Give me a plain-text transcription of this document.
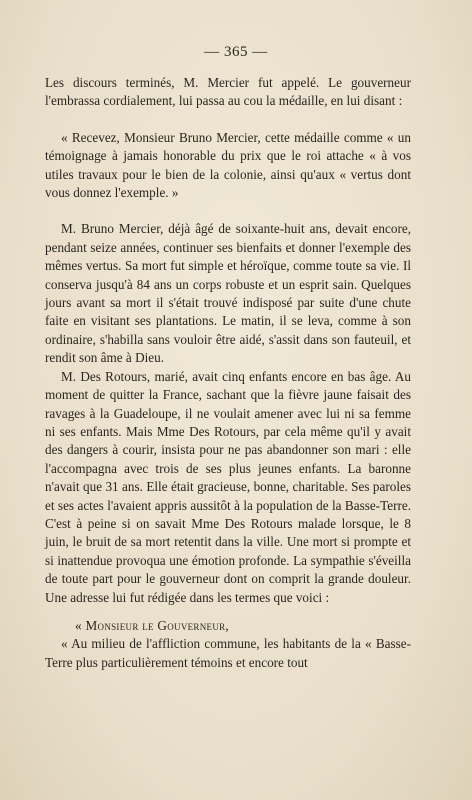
— 365 —

Les discours terminés, M. Mercier fut appelé. Le gouverneur l'embrassa cordialement, lui passa au cou la médaille, en lui disant :

« Recevez, Monsieur Bruno Mercier, cette médaille comme « un témoignage à jamais honorable du prix que le roi attache « à vos utiles travaux pour le bien de la colonie, ainsi qu'aux « vertus dont vous donnez l'exemple. »

M. Bruno Mercier, déjà âgé de soixante-huit ans, devait encore, pendant seize années, continuer ses bienfaits et donner l'exemple des mêmes vertus. Sa mort fut simple et héroïque, comme toute sa vie. Il conserva jusqu'à 84 ans un corps robuste et un esprit sain. Quelques jours avant sa mort il s'était trouvé indisposé par suite d'une chute faite en visitant ses plantations. Le matin, il se leva, comme à son ordinaire, s'habilla sans vouloir être aidé, s'assit dans son fauteuil, et rendit son âme à Dieu.

M. Des Rotours, marié, avait cinq enfants encore en bas âge. Au moment de quitter la France, sachant que la fièvre jaune faisait des ravages à la Guadeloupe, il ne voulait amener avec lui ni sa femme ni ses enfants. Mais Mme Des Rotours, par cela même qu'il y avait des dangers à courir, insista pour ne pas abandonner son mari : elle l'accompagna avec trois de ses plus jeunes enfants. La baronne n'avait que 31 ans. Elle était gracieuse, bonne, charitable. Ses paroles et ses actes l'avaient appris aussitôt à la population de la Basse-Terre. C'est à peine si on savait Mme Des Rotours malade lorsque, le 8 juin, le bruit de sa mort retentit dans la ville. Une mort si prompte et si inattendue provoqua une émotion profonde. La sympathie s'éveilla de toute part pour le gouverneur dont on comprit la grande douleur. Une adresse lui fut rédigée dans les termes que voici :

« Monsieur le Gouverneur,

« Au milieu de l'affliction commune, les habitants de la « Basse-Terre plus particulièrement témoins et encore tout
